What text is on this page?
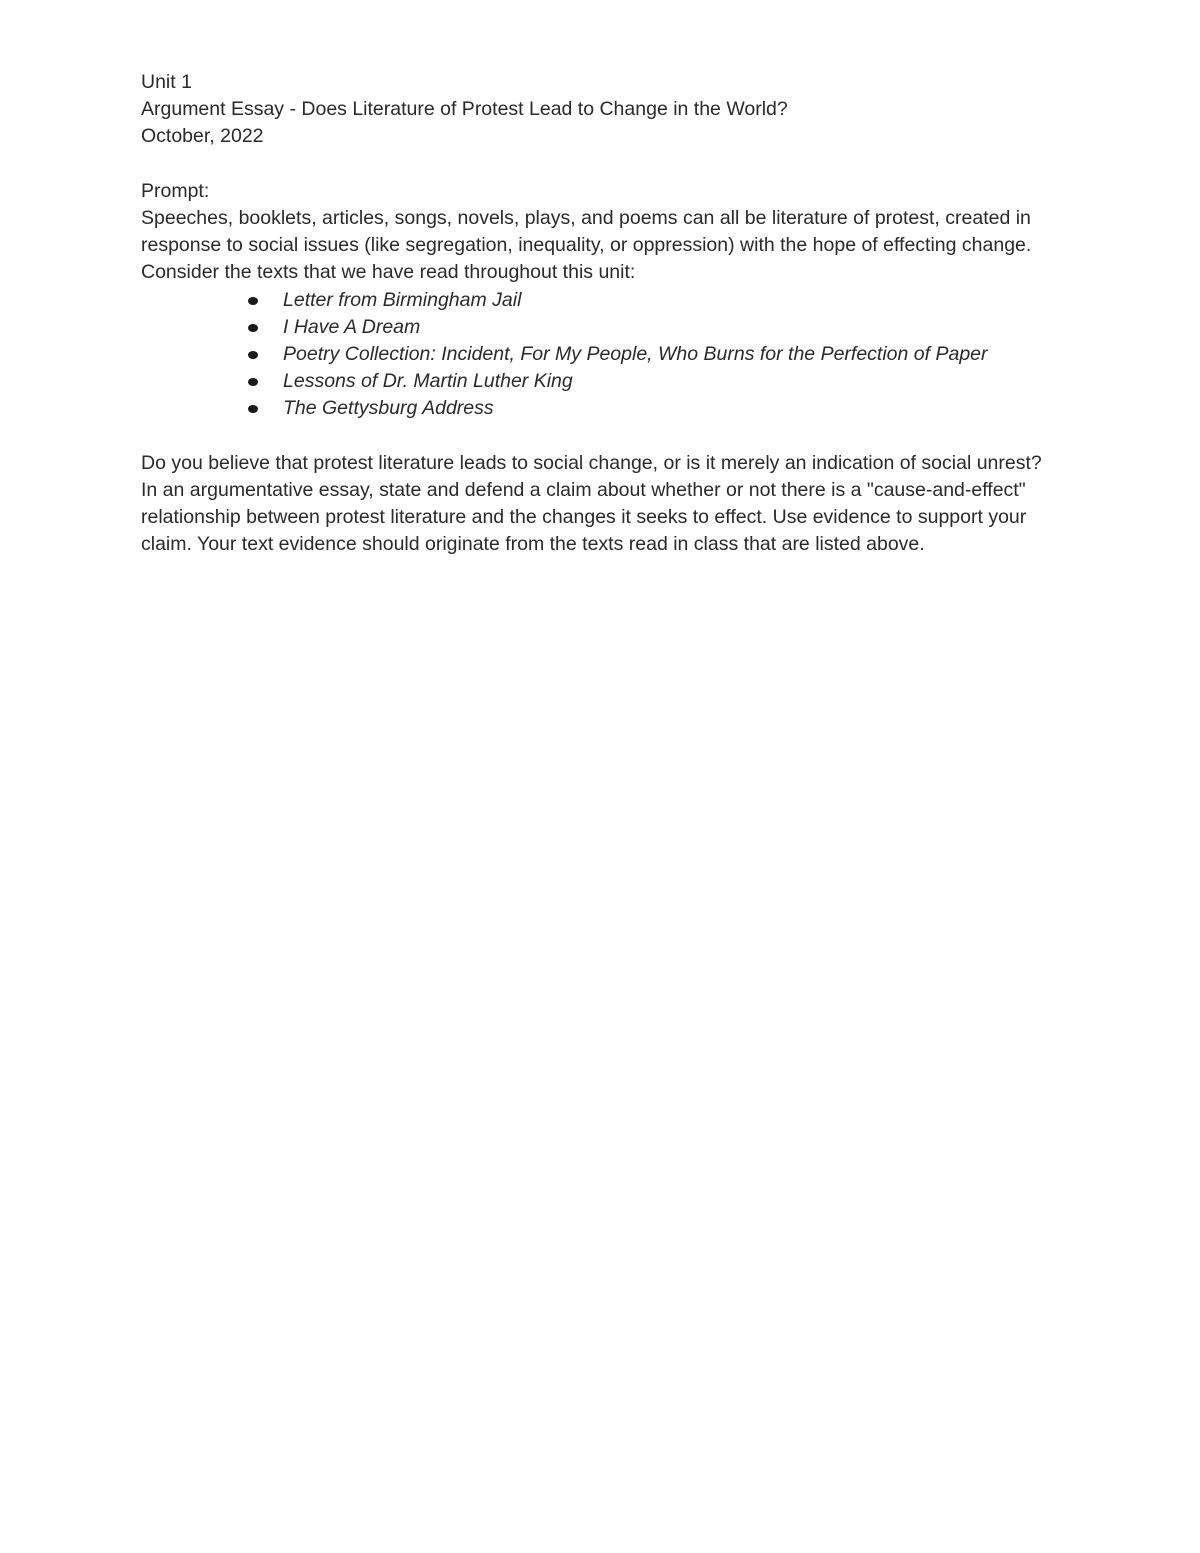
Unit 1
Argument Essay - Does Literature of Protest Lead to Change in the World?
October, 2022
Prompt:
Speeches, booklets, articles, songs, novels, plays, and poems can all be literature of protest, created in response to social issues (like segregation, inequality, or oppression) with the hope of effecting change. Consider the texts that we have read throughout this unit:
Letter from Birmingham Jail
I Have A Dream
Poetry Collection: Incident, For My People, Who Burns for the Perfection of Paper
Lessons of Dr. Martin Luther King
The Gettysburg Address
Do you believe that protest literature leads to social change, or is it merely an indication of social unrest? In an argumentative essay, state and defend a claim about whether or not there is a "cause-and-effect" relationship between protest literature and the changes it seeks to effect. Use evidence to support your claim. Your text evidence should originate from the texts read in class that are listed above.
